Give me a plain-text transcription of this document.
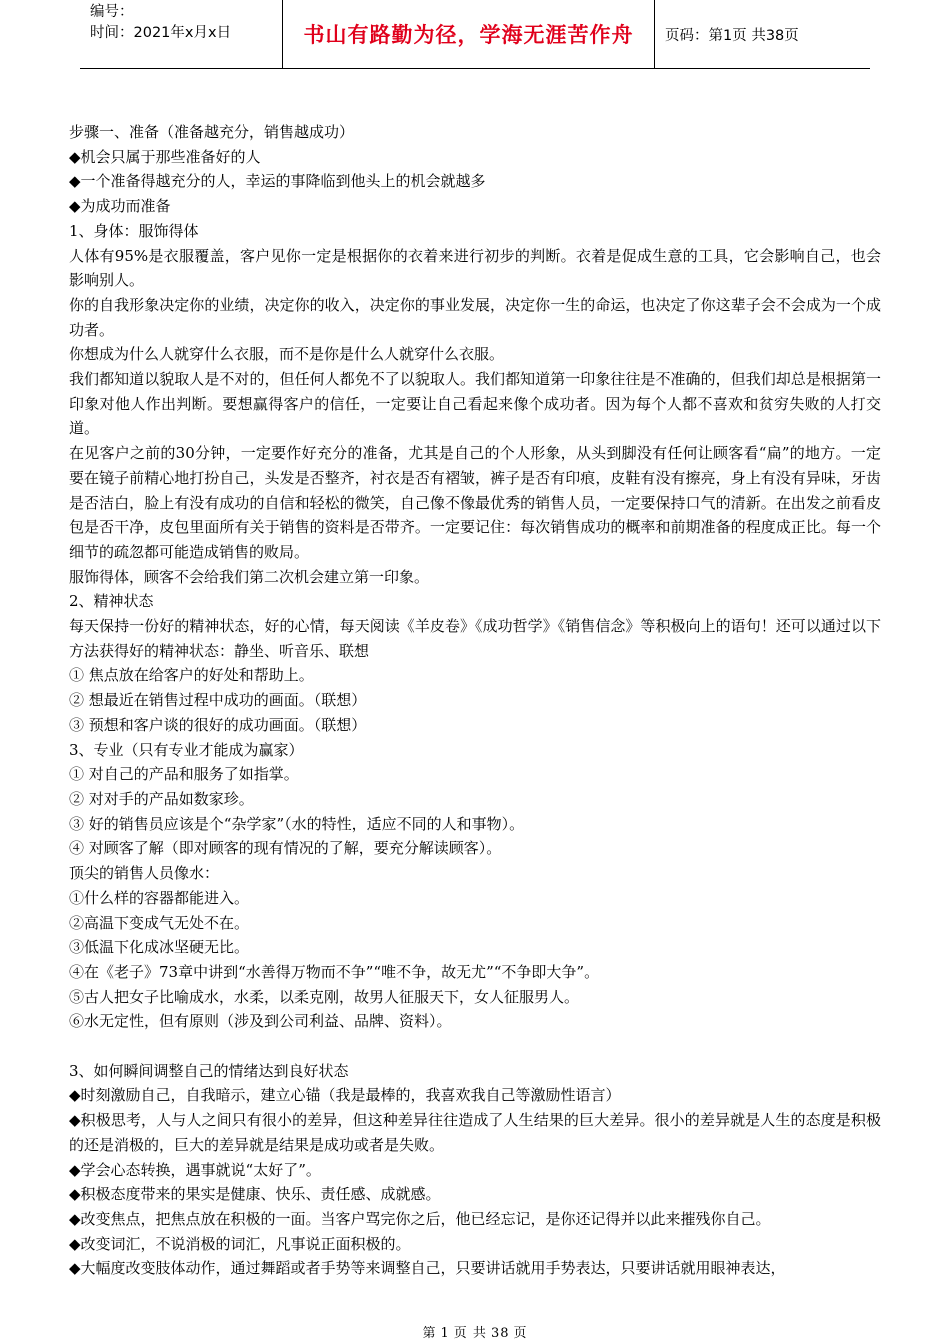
编号：
时间：2021年x月x日	书山有路勤为径，学海无涯苦作舟	页码：第1页 共38页

步骤一、准备（准备越充分，销售越成功）

◆机会只属于那些准备好的人

◆一个准备得越充分的人，幸运的事降临到他头上的机会就越多

◆为成功而准备

1、身体：服饰得体

人体有95%是衣服覆盖，客户见你一定是根据你的衣着来进行初步的判断。衣着是促成生意的工具，它会影响自己，也会影响别人。

你的自我形象决定你的业绩，决定你的收入，决定你的事业发展，决定你一生的命运，也决定了你这辈子会不会成为一个成功者。

你想成为什么人就穿什么衣服，而不是你是什么人就穿什么衣服。

我们都知道以貌取人是不对的，但任何人都免不了以貌取人。我们都知道第一印象往往是不准确的，但我们却总是根据第一印象对他人作出判断。要想赢得客户的信任，一定要让自己看起来像个成功者。因为每个人都不喜欢和贫穷失败的人打交道。

在见客户之前的30分钟，一定要作好充分的准备，尤其是自己的个人形象，从头到脚没有任何让顾客看“扁”的地方。一定要在镜子前精心地打扮自己，头发是否整齐，衬衣是否有褶皱，裤子是否有印痕，皮鞋有没有擦亮，身上有没有异味，牙齿是否洁白，脸上有没有成功的自信和轻松的微笑，自己像不像最优秀的销售人员，一定要保持口气的清新。在出发之前看皮包是否干净，皮包里面所有关于销售的资料是否带齐。一定要记住：每次销售成功的概率和前期准备的程度成正比。每一个细节的疏忽都可能造成销售的败局。

服饰得体，顾客不会给我们第二次机会建立第一印象。

2、精神状态

每天保持一份好的精神状态，好的心情，每天阅读《羊皮卷》《成功哲学》《销售信念》等积极向上的语句！还可以通过以下方法获得好的精神状态：静坐、听音乐、联想

① 焦点放在给客户的好处和帮助上。

② 想最近在销售过程中成功的画面。（联想）

③ 预想和客户谈的很好的成功画面。（联想）

3、专业（只有专业才能成为赢家）

① 对自己的产品和服务了如指掌。

② 对对手的产品如数家珍。

③ 好的销售员应该是个“杂学家”（水的特性，适应不同的人和事物）。

④ 对顾客了解（即对顾客的现有情况的了解，要充分解读顾客）。

顶尖的销售人员像水：

①什么样的容器都能进入。

②高温下变成气无处不在。

③低温下化成冰坚硬无比。

④在《老子》73章中讲到“水善得万物而不争”“唯不争，故无尤”“不争即大争”。

⑤古人把女子比喻成水，水柔，以柔克刚，故男人征服天下，女人征服男人。

⑥水无定性，但有原则（涉及到公司利益、品牌、资料）。

3、如何瞬间调整自己的情绪达到良好状态

◆时刻激励自己，自我暗示，建立心锚（我是最棒的，我喜欢我自己等激励性语言）

◆积极思考，人与人之间只有很小的差异，但这种差异往往造成了人生结果的巨大差异。很小的差异就是人生的态度是积极的还是消极的，巨大的差异就是结果是成功或者是失败。

◆学会心态转换，遇事就说“太好了”。

◆积极态度带来的果实是健康、快乐、责任感、成就感。

◆改变焦点，把焦点放在积极的一面。当客户骂完你之后，他已经忘记，是你还记得并以此来摧残你自己。

◆改变词汇，不说消极的词汇，凡事说正面积极的。

◆大幅度改变肢体动作，通过舞蹈或者手势等来调整自己，只要讲话就用手势表达，只要讲话就用眼神表达，

第 1 页 共 38 页
